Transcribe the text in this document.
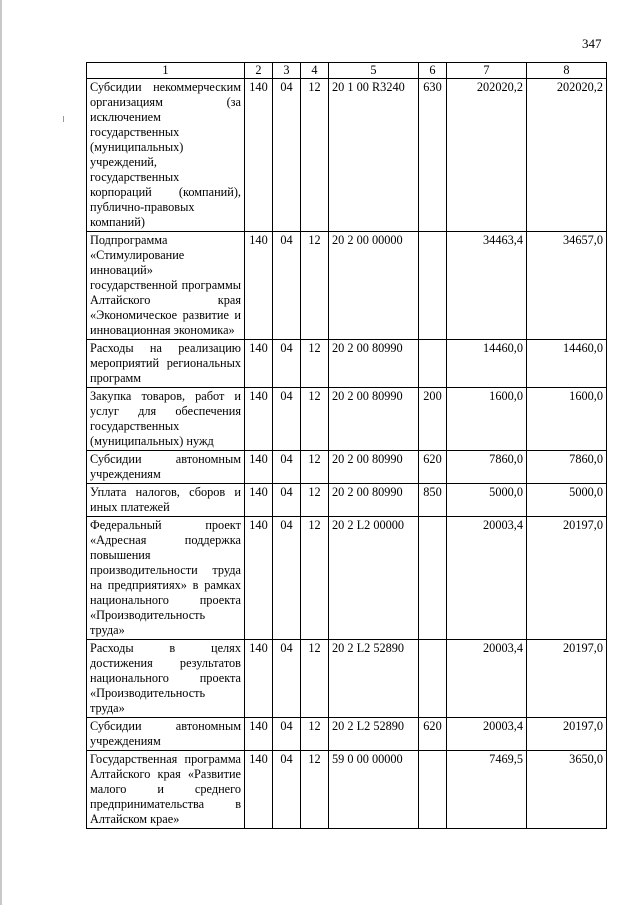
347
1	2	3	4	5	6	7	8
Субсидии некоммерческим организациям (за исключением государственных (муниципальных) учреждений, государственных корпораций (компаний), публично-правовых компаний)	140	04	12	20 1 00 R3240	630	202020,2	202020,2
Подпрограмма «Стимулирование инноваций» государственной программы Алтайского края «Экономическое развитие и инновационная экономика»	140	04	12	20 2 00 00000		34463,4	34657,0
Расходы на реализацию мероприятий региональных программ	140	04	12	20 2 00 80990		14460,0	14460,0
Закупка товаров, работ и услуг для обеспечения государственных (муниципальных) нужд	140	04	12	20 2 00 80990	200	1600,0	1600,0
Субсидии автономным учреждениям	140	04	12	20 2 00 80990	620	7860,0	7860,0
Уплата налогов, сборов и иных платежей	140	04	12	20 2 00 80990	850	5000,0	5000,0
Федеральный проект «Адресная поддержка повышения производительности труда на предприятиях» в рамках национального проекта «Производительность труда»	140	04	12	20 2 L2 00000		20003,4	20197,0
Расходы в целях достижения результатов национального проекта «Производительность труда»	140	04	12	20 2 L2 52890		20003,4	20197,0
Субсидии автономным учреждениям	140	04	12	20 2 L2 52890	620	20003,4	20197,0
Государственная программа Алтайского края «Развитие малого и среднего предпринимательства в Алтайском крае»	140	04	12	59 0 00 00000		7469,5	3650,0
